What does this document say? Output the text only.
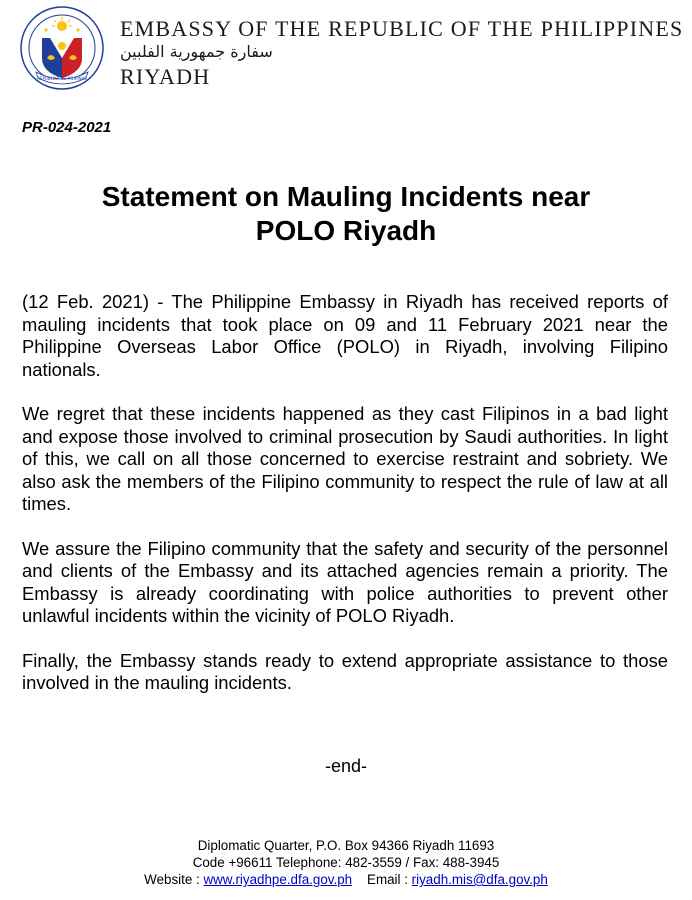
REPUBLIKA NG PILIPINAS
EMBASSY OF THE REPUBLIC OF THE PHILIPPINES
سفارة جمهورية الفلبين
RIYADH
PR-024-2021
Statement on Mauling Incidents near
POLO Riyadh

(12 Feb. 2021) - The Philippine Embassy in Riyadh has received reports of mauling incidents that took place on 09 and 11 February 2021 near the Philippine Overseas Labor Office (POLO) in Riyadh, involving Filipino nationals.

We regret that these incidents happened as they cast Filipinos in a bad light and expose those involved to criminal prosecution by Saudi authorities. In light of this, we call on all those concerned to exercise restraint and sobriety. We also ask the members of the Filipino community to respect the rule of law at all times.

We assure the Filipino community that the safety and security of the personnel and clients of the Embassy and its attached agencies remain a priority. The Embassy is already coordinating with police authorities to prevent other unlawful incidents within the vicinity of POLO Riyadh.

Finally, the Embassy stands ready to extend appropriate assistance to those involved in the mauling incidents.

-end-
Diplomatic Quarter, P.O. Box 94366 Riyadh 11693
Code +96611 Telephone: 482-3559 / Fax: 488-3945
Website : www.riyadhpe.dfa.gov.ph Email : riyadh.mis@dfa.gov.ph
